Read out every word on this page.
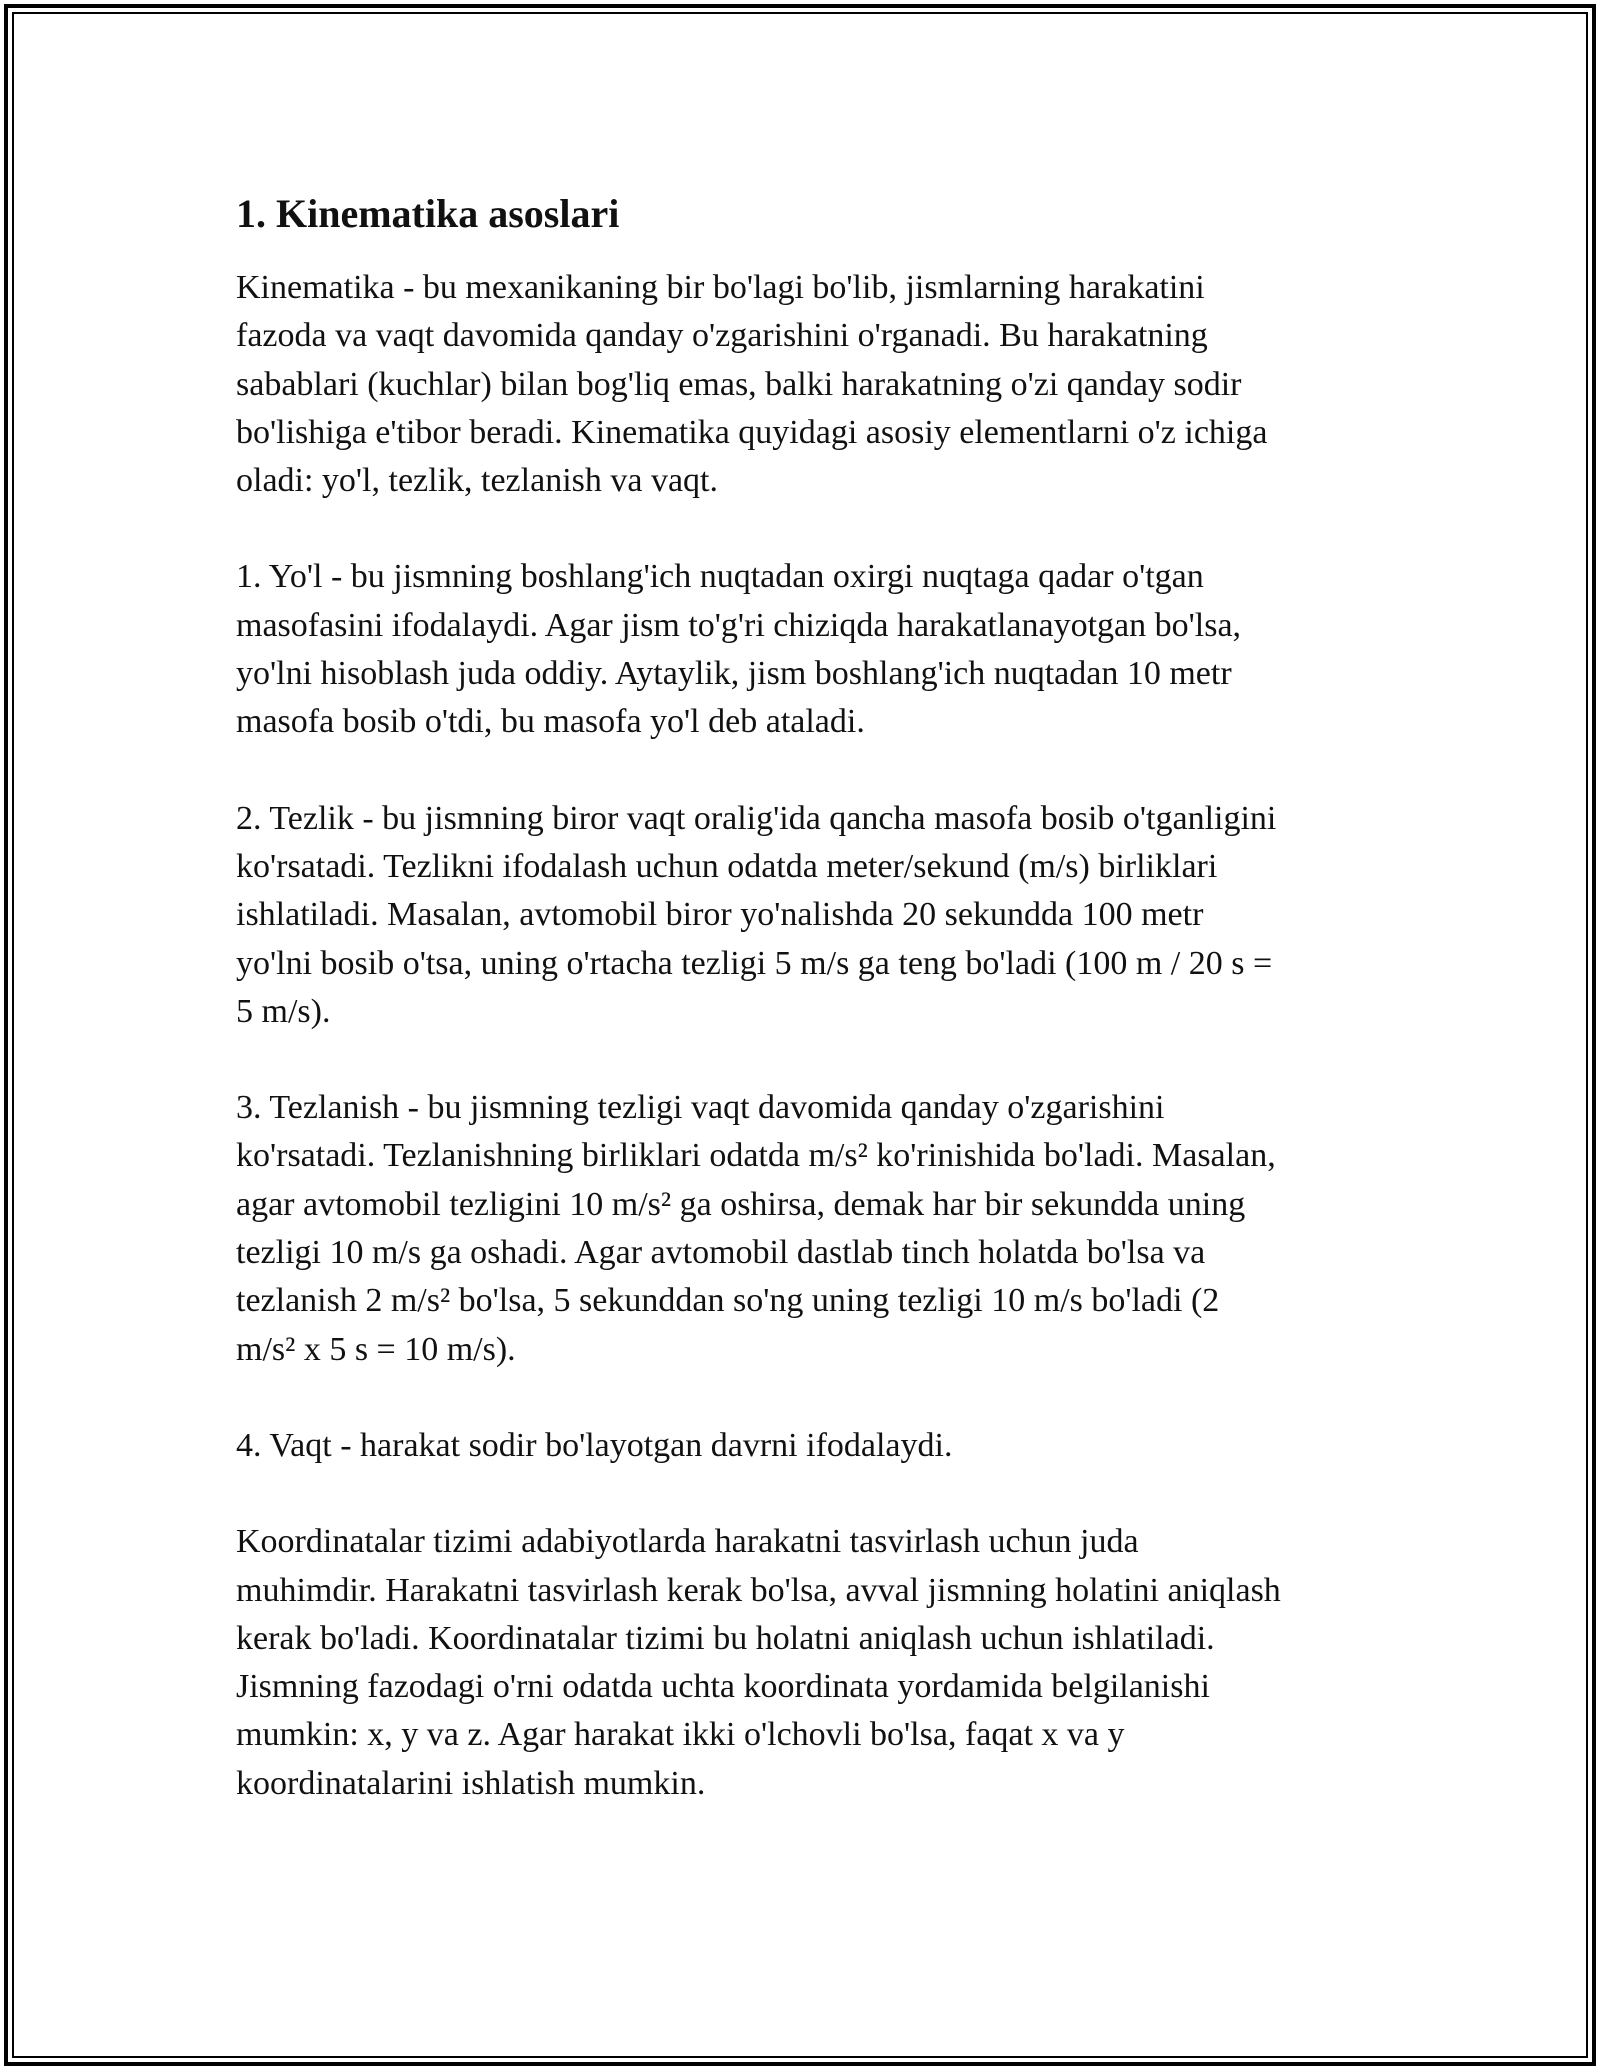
1. Kinematika asoslari

Kinematika - bu mexanikaning bir bo'lagi bo'lib, jismlarning harakatini
fazoda va vaqt davomida qanday o'zgarishini o'rganadi. Bu harakatning
sabablari (kuchlar) bilan bog'liq emas, balki harakatning o'zi qanday sodir
bo'lishiga e'tibor beradi. Kinematika quyidagi asosiy elementlarni o'z ichiga
oladi: yo'l, tezlik, tezlanish va vaqt.

1. Yo'l - bu jismning boshlang'ich nuqtadan oxirgi nuqtaga qadar o'tgan
masofasini ifodalaydi. Agar jism to'g'ri chiziqda harakatlanayotgan bo'lsa,
yo'lni hisoblash juda oddiy. Aytaylik, jism boshlang'ich nuqtadan 10 metr
masofa bosib o'tdi, bu masofa yo'l deb ataladi.

2. Tezlik - bu jismning biror vaqt oralig'ida qancha masofa bosib o'tganligini
ko'rsatadi. Tezlikni ifodalash uchun odatda meter/sekund (m/s) birliklari
ishlatiladi. Masalan, avtomobil biror yo'nalishda 20 sekundda 100 metr
yo'lni bosib o'tsa, uning o'rtacha tezligi 5 m/s ga teng bo'ladi (100 m / 20 s =
5 m/s).

3. Tezlanish - bu jismning tezligi vaqt davomida qanday o'zgarishini
ko'rsatadi. Tezlanishning birliklari odatda m/s² ko'rinishida bo'ladi. Masalan,
agar avtomobil tezligini 10 m/s² ga oshirsa, demak har bir sekundda uning
tezligi 10 m/s ga oshadi. Agar avtomobil dastlab tinch holatda bo'lsa va
tezlanish 2 m/s² bo'lsa, 5 sekunddan so'ng uning tezligi 10 m/s bo'ladi (2
m/s² x 5 s = 10 m/s).

4. Vaqt - harakat sodir bo'layotgan davrni ifodalaydi.

Koordinatalar tizimi adabiyotlarda harakatni tasvirlash uchun juda
muhimdir. Harakatni tasvirlash kerak bo'lsa, avval jismning holatini aniqlash
kerak bo'ladi. Koordinatalar tizimi bu holatni aniqlash uchun ishlatiladi.
Jismning fazodagi o'rni odatda uchta koordinata yordamida belgilanishi
mumkin: x, y va z. Agar harakat ikki o'lchovli bo'lsa, faqat x va y
koordinatalarini ishlatish mumkin.
